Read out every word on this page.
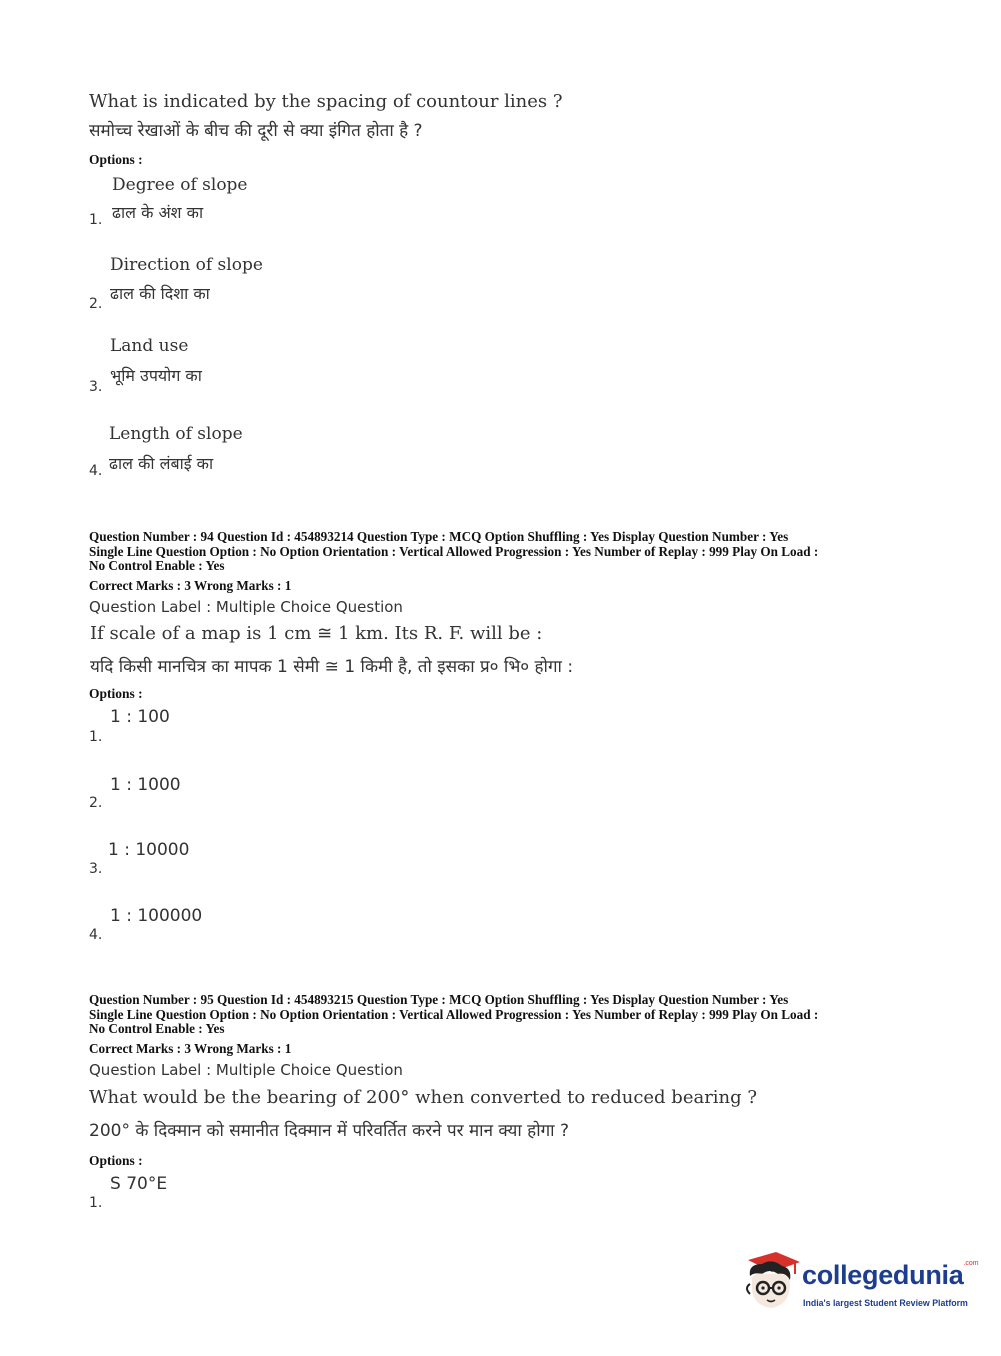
What is indicated by the spacing of countour lines ?
समोच्च रेखाओं के बीच की दूरी से क्या इंगित होता है ?
Options :
Degree of slope
ढाल के अंश का
1.
Direction of slope
ढाल की दिशा का
2.
Land use
भूमि उपयोग का
3.
Length of slope
ढाल की लंबाई का
4.
Question Number : 94 Question Id : 454893214 Question Type : MCQ Option Shuffling : Yes Display Question Number : Yes
Single Line Question Option : No Option Orientation : Vertical Allowed Progression : Yes Number of Replay : 999 Play On Load :
No Control Enable : Yes
Correct Marks : 3 Wrong Marks : 1
Question Label : Multiple Choice Question
If scale of a map is 1 cm ≅ 1 km. Its R. F. will be :
यदि किसी मानचित्र का मापक 1 सेमी ≅ 1 किमी है, तो इसका प्र० भि० होगा :
Options :
1 : 100
1.
1 : 1000
2.
1 : 10000
3.
1 : 100000
4.
Question Number : 95 Question Id : 454893215 Question Type : MCQ Option Shuffling : Yes Display Question Number : Yes
Single Line Question Option : No Option Orientation : Vertical Allowed Progression : Yes Number of Replay : 999 Play On Load :
No Control Enable : Yes
Correct Marks : 3 Wrong Marks : 1
Question Label : Multiple Choice Question
What would be the bearing of 200° when converted to reduced bearing ?
200° के दिक्मान को समानीत दिक्मान में परिवर्तित करने पर मान क्या होगा ?
Options :
S 70°E
1.
collegedunia$^{.com}$
India's largest Student Review Platform
